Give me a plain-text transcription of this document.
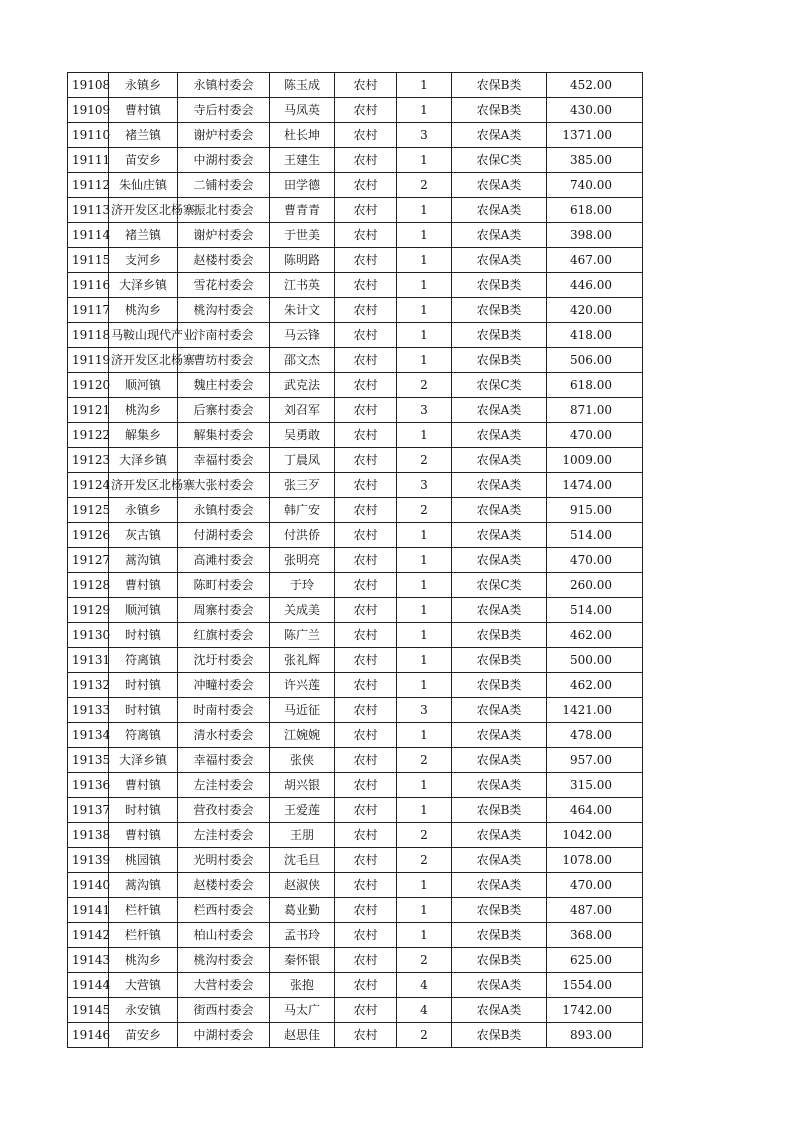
19108	永镇乡	永镇村委会	陈玉成	农村	1	农保B类	452.00
19109	曹村镇	寺后村委会	马凤英	农村	1	农保B类	430.00
19110	褚兰镇	谢炉村委会	杜长坤	农村	3	农保A类	1371.00
19111	苗安乡	中湖村委会	王建生	农村	1	农保C类	385.00
19112	朱仙庄镇	二铺村委会	田学德	农村	2	农保A类	740.00
19113	济开发区北杨寨	振北村委会	曹青青	农村	1	农保A类	618.00
19114	褚兰镇	谢炉村委会	于世美	农村	1	农保A类	398.00
19115	支河乡	赵楼村委会	陈明路	农村	1	农保A类	467.00
19116	大泽乡镇	雪花村委会	江书英	农村	1	农保B类	446.00
19117	桃沟乡	桃沟村委会	朱计文	农村	1	农保B类	420.00
19118	马鞍山现代产业	汴南村委会	马云锋	农村	1	农保B类	418.00
19119	济开发区北杨寨	曹坊村委会	邵文杰	农村	1	农保B类	506.00
19120	顺河镇	魏庄村委会	武克法	农村	2	农保C类	618.00
19121	桃沟乡	后寨村委会	刘召军	农村	3	农保A类	871.00
19122	解集乡	解集村委会	吴勇敢	农村	1	农保A类	470.00
19123	大泽乡镇	幸福村委会	丁晨凤	农村	2	农保A类	1009.00
19124	济开发区北杨寨	大张村委会	张三歹	农村	3	农保A类	1474.00
19125	永镇乡	永镇村委会	韩广安	农村	2	农保A类	915.00
19126	灰古镇	付湖村委会	付洪侨	农村	1	农保A类	514.00
19127	蒿沟镇	高滩村委会	张明亮	农村	1	农保A类	470.00
19128	曹村镇	陈町村委会	于玲	农村	1	农保C类	260.00
19129	顺河镇	周寨村委会	关成美	农村	1	农保A类	514.00
19130	时村镇	红旗村委会	陈广兰	农村	1	农保B类	462.00
19131	符离镇	沈圩村委会	张礼辉	农村	1	农保B类	500.00
19132	时村镇	冲疃村委会	许兴莲	农村	1	农保B类	462.00
19133	时村镇	时南村委会	马近征	农村	3	农保A类	1421.00
19134	符离镇	清水村委会	江婉婉	农村	1	农保A类	478.00
19135	大泽乡镇	幸福村委会	张侠	农村	2	农保A类	957.00
19136	曹村镇	左洼村委会	胡兴银	农村	1	农保A类	315.00
19137	时村镇	营孜村委会	王爱莲	农村	1	农保B类	464.00
19138	曹村镇	左洼村委会	王朋	农村	2	农保A类	1042.00
19139	桃园镇	光明村委会	沈毛旦	农村	2	农保A类	1078.00
19140	蒿沟镇	赵楼村委会	赵淑侠	农村	1	农保A类	470.00
19141	栏杆镇	栏西村委会	葛业勤	农村	1	农保B类	487.00
19142	栏杆镇	柏山村委会	孟书玲	农村	1	农保B类	368.00
19143	桃沟乡	桃沟村委会	秦怀银	农村	2	农保B类	625.00
19144	大营镇	大营村委会	张抱	农村	4	农保A类	1554.00
19145	永安镇	街西村委会	马太广	农村	4	农保A类	1742.00
19146	苗安乡	中湖村委会	赵思佳	农村	2	农保B类	893.00
